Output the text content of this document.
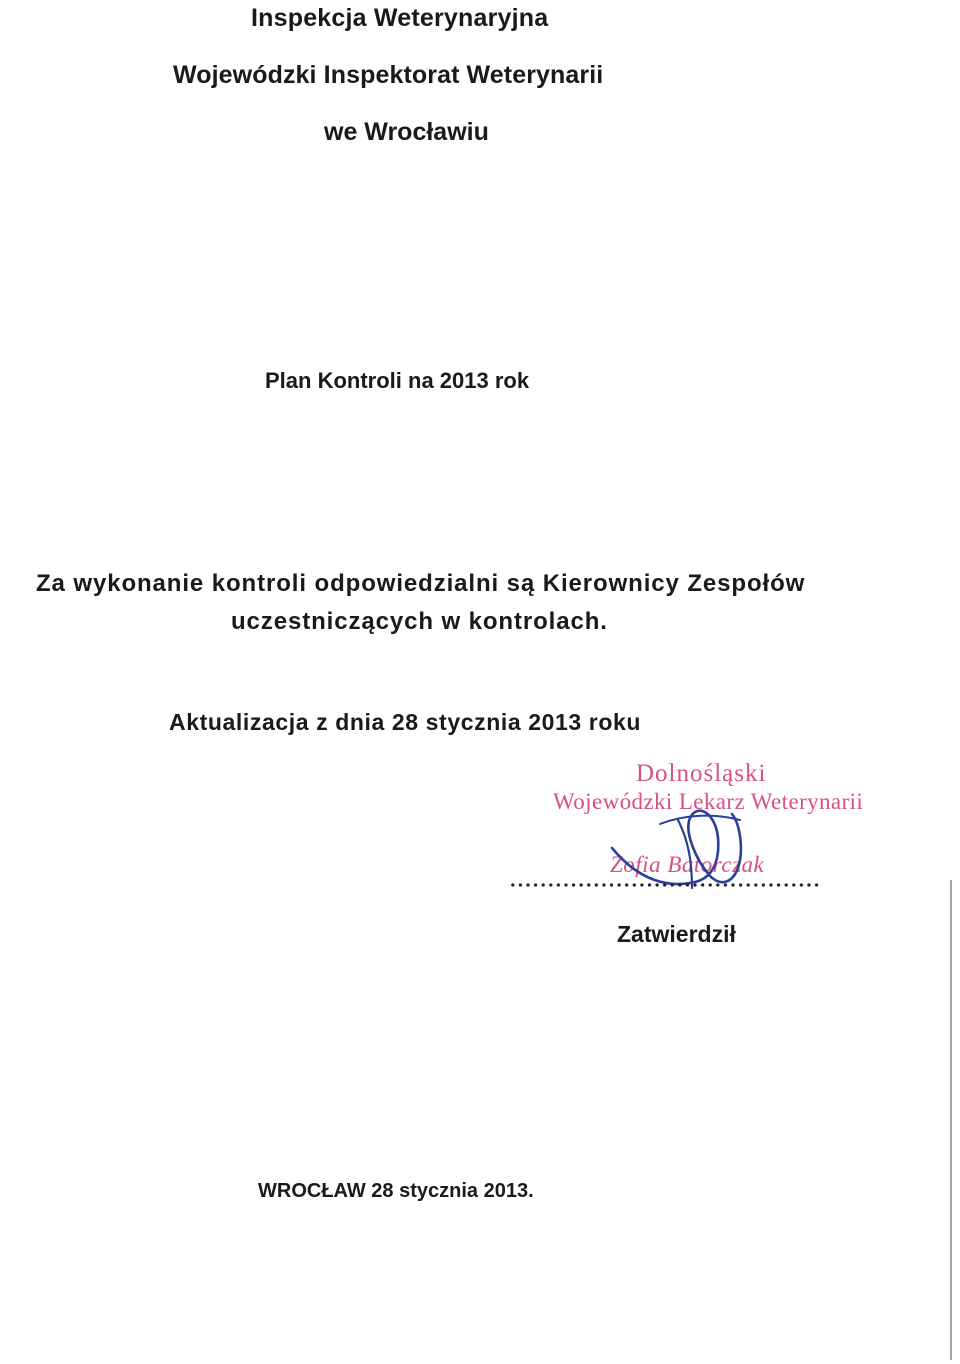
Inspekcja Weterynaryjna
Wojewódzki Inspektorat Weterynarii
we Wrocławiu
Plan Kontroli na 2013 rok
Za wykonanie kontroli odpowiedzialni są Kierownicy Zespołów
uczestniczących w kontrolach.
Aktualizacja z dnia 28 stycznia 2013 roku
Dolnośląski
Wojewódzki Lekarz Weterynarii
Zofia Batorczak
Zatwierdził
WROCŁAW 28 stycznia 2013.
